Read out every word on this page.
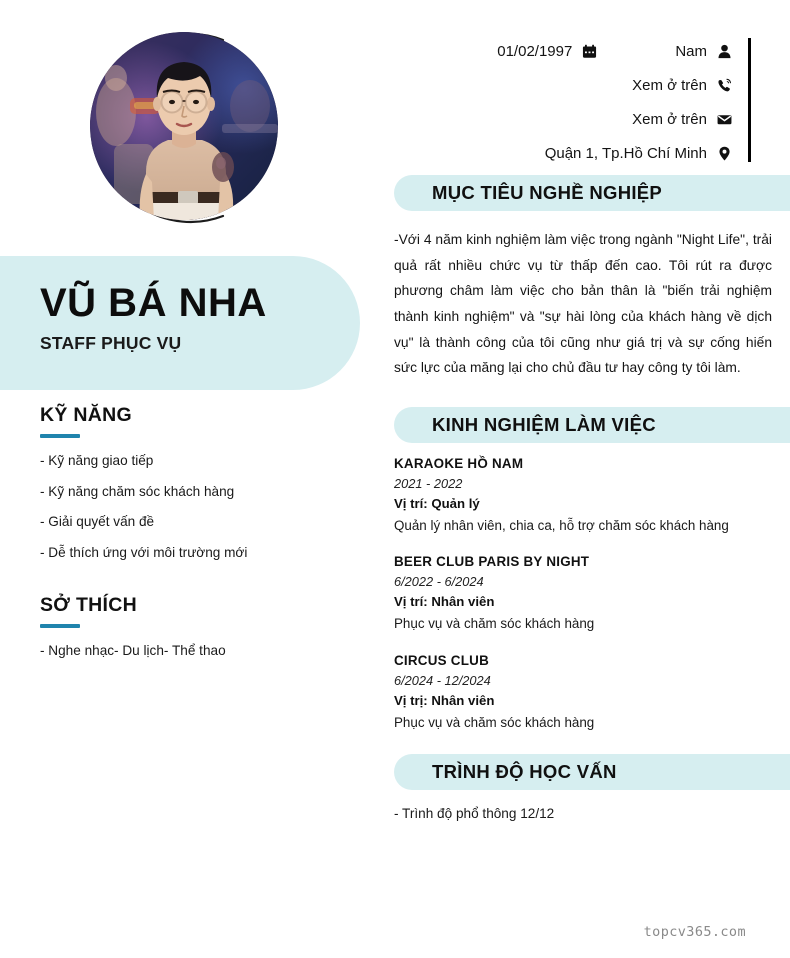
01/02/1997	Nam
Xem ở trên
Xem ở trên
Quận 1, Tp.Hồ Chí Minh
VŨ BÁ NHA
STAFF PHỤC VỤ
KỸ NĂNG

- Kỹ năng giao tiếp

- Kỹ năng chăm sóc khách hàng

- Giải quyết vấn đề

- Dễ thích ứng với môi trường mới

SỞ THÍCH

- Nghe nhạc- Du lịch- Thể thao

MỤC TIÊU NGHỀ NGHIỆP

-Với 4 năm kinh nghiệm làm việc trong ngành "Night Life", trải quả rất nhiều chức vụ từ thấp đến cao. Tôi rút ra được phương châm làm việc cho bản thân là "biến trải nghiệm thành kinh nghiệm" và "sự hài lòng của khách hàng về dịch vụ" là thành công của tôi cũng như giá trị và sự cống hiến sức lực của măng lại cho chủ đầu tư hay công ty tôi làm.

KINH NGHIỆM LÀM VIỆC

KARAOKE HỒ NAM

2021 - 2022

Vị trí: Quản lý

Quản lý nhân viên, chia ca, hỗ trợ chăm sóc khách hàng

BEER CLUB PARIS BY NIGHT

6/2022 - 6/2024

Vị trí: Nhân viên

Phục vụ và chăm sóc khách hàng

CIRCUS CLUB

6/2024 - 12/2024

Vị trị: Nhân viên

Phục vụ và chăm sóc khách hàng

TRÌNH ĐỘ HỌC VẤN

- Trình độ phổ thông 12/12

topcv365.com
